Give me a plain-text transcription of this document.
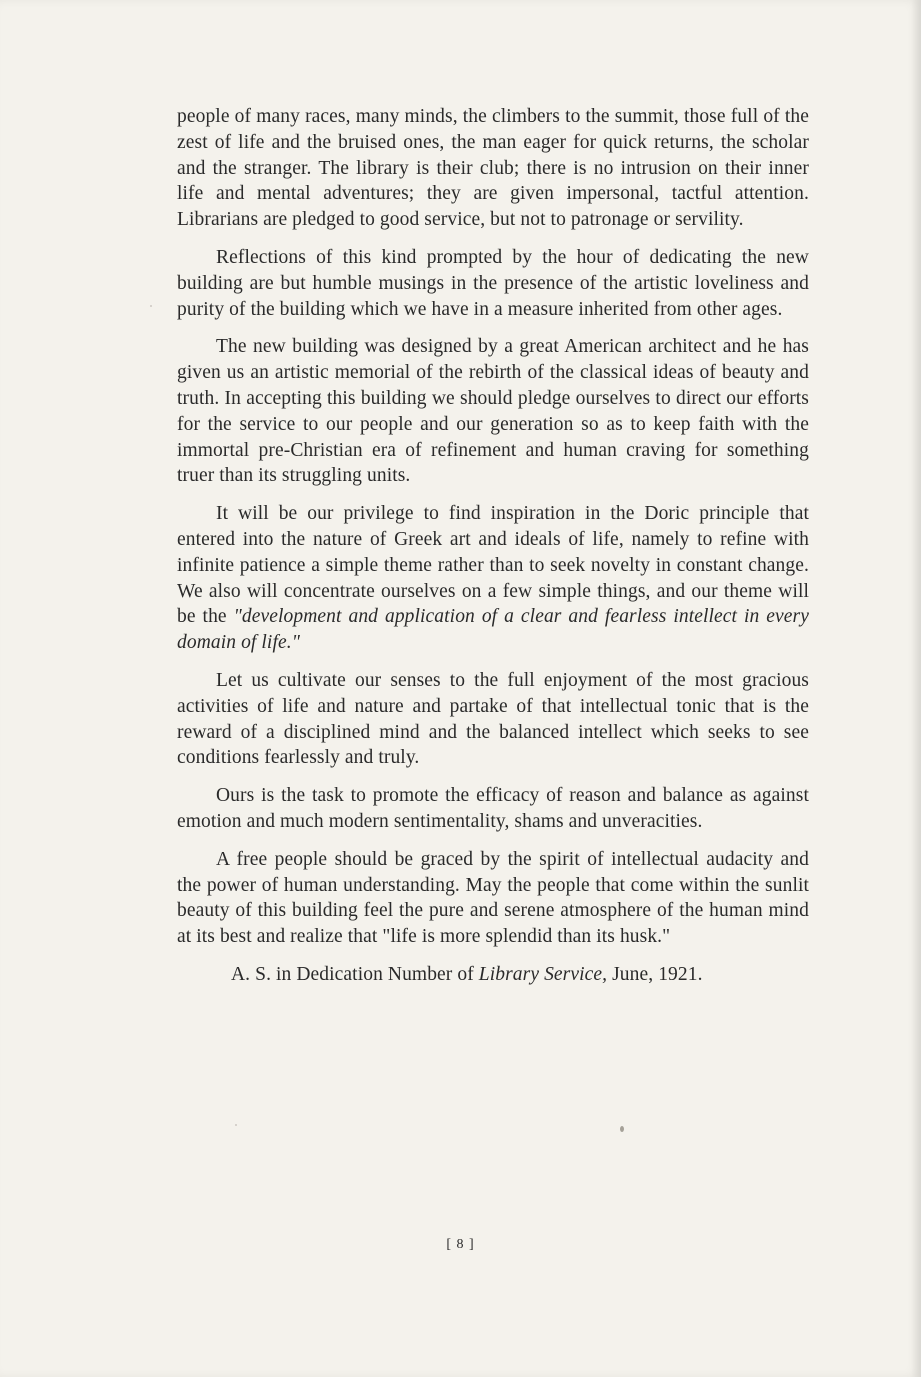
people of many races, many minds, the climbers to the summit, those full of the zest of life and the bruised ones, the man eager for quick returns, the scholar and the stranger. The library is their club; there is no intrusion on their inner life and mental adventures; they are given impersonal, tactful attention. Librarians are pledged to good service, but not to patronage or servility.

Reflections of this kind prompted by the hour of dedicating the new building are but humble musings in the presence of the artistic loveliness and purity of the building which we have in a measure inherited from other ages.

The new building was designed by a great American architect and he has given us an artistic memorial of the rebirth of the classical ideas of beauty and truth. In accepting this building we should pledge ourselves to direct our efforts for the service to our people and our generation so as to keep faith with the immortal pre-Christian era of refinement and human craving for something truer than its struggling units.

It will be our privilege to find inspiration in the Doric principle that entered into the nature of Greek art and ideals of life, namely to refine with infinite patience a simple theme rather than to seek novelty in constant change. We also will concentrate ourselves on a few simple things, and our theme will be the "development and application of a clear and fearless intellect in every domain of life."

Let us cultivate our senses to the full enjoyment of the most gracious activities of life and nature and partake of that intellectual tonic that is the reward of a disciplined mind and the balanced intellect which seeks to see conditions fearlessly and truly.

Ours is the task to promote the efficacy of reason and balance as against emotion and much modern sentimentality, shams and unveracities.

A free people should be graced by the spirit of intellectual audacity and the power of human understanding. May the people that come within the sunlit beauty of this building feel the pure and serene atmosphere of the human mind at its best and realize that "life is more splendid than its husk."

A. S. in Dedication Number of Library Service, June, 1921.

[ 8 ]
